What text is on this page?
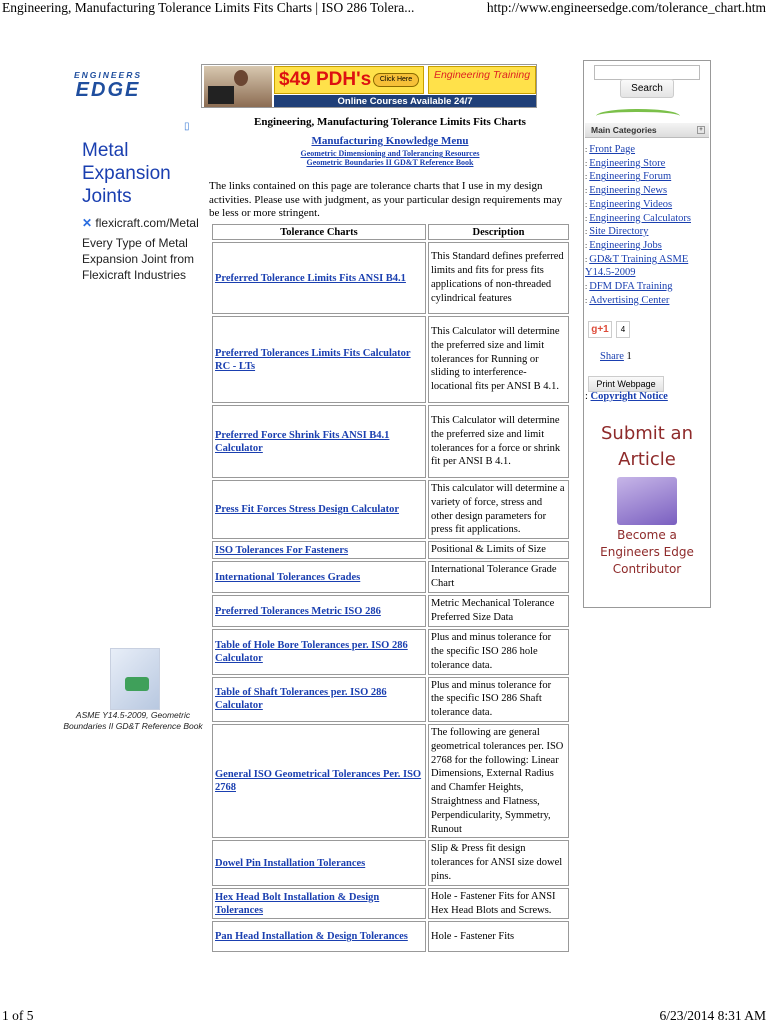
Engineering, Manufacturing Tolerance Limits Fits Charts | ISO 286 Tolera...	http://www.engineersedge.com/tolerance_chart.htm
ENGINEERS
EDGE	$49 PDH's	Click Here	Engineering Training
Online Courses Available 24/7
▯
Metal Expansion Joints
✕ flexicraft.com/Metal
Every Type of Metal Expansion Joint from Flexicraft Industries
ASME Y14.5-2009, Geometric Boundaries II GD&T Reference Book
Engineering, Manufacturing Tolerance Limits Fits Charts
Manufacturing Knowledge Menu
Geometric Dimensioning and Tolerancing Resources
Geometric Boundaries II GD&T Reference Book
The links contained on this page are tolerance charts that I use in my design activities. Please use with judgment, as your particular design requirements may be less or more stringent.
Tolerance Charts	Description

Preferred Tolerance Limits Fits ANSI B4.1	This Standard defines preferred limits and fits for press fits applications of non-threaded cylindrical features

Preferred Tolerances Limits Fits Calculator RC - LTs	This Calculator will determine the preferred size and limit tolerances for Running or sliding to interference-locational fits per ANSI B 4.1.

Preferred Force Shrink Fits ANSI B4.1 Calculator	This Calculator will determine the preferred size and limit tolerances for a force or shrink fit per ANSI B 4.1.

Press Fit Forces Stress Design Calculator	This calculator will determine a variety of force, stress and other design parameters for press fit applications.

ISO Tolerances For Fasteners	Positional & Limits of Size

International Tolerances Grades	International Tolerance Grade Chart

Preferred Tolerances Metric ISO 286	Metric Mechanical Tolerance Preferred Size Data

Table of Hole Bore Tolerances per. ISO 286 Calculator	Plus and minus tolerance for the specific ISO 286 hole tolerance data.

Table of Shaft Tolerances per. ISO 286 Calculator	Plus and minus tolerance for the specific ISO 286 Shaft tolerance data.

General ISO Geometrical Tolerances Per. ISO 2768	The following are general geometrical tolerances per. ISO 2768 for the following: Linear Dimensions, External Radius and Chamfer Heights, Straightness and Flatness, Perpendicularity, Symmetry, Runout

Dowel Pin Installation Tolerances	Slip & Press fit design tolerances for ANSI size dowel pins.

Hex Head Bolt Installation & Design Tolerances	Hole - Fastener Fits for ANSI Hex Head Blots and Screws.

Pan Head Installation & Design Tolerances	Hole - Fastener Fits
Search
Main Categories	+
: Front Page
: Engineering Store
: Engineering Forum
: Engineering News
: Engineering Videos
: Engineering Calculators
: Site Directory
: Engineering Jobs
: GD&T Training ASME Y14.5-2009
: DFM DFA Training
: Advertising Center
g+1	4
Share 1
Print Webpage
: Copyright Notice
Submit an Article
Become a Engineers Edge Contributor
1 of 5	6/23/2014 8:31 AM
